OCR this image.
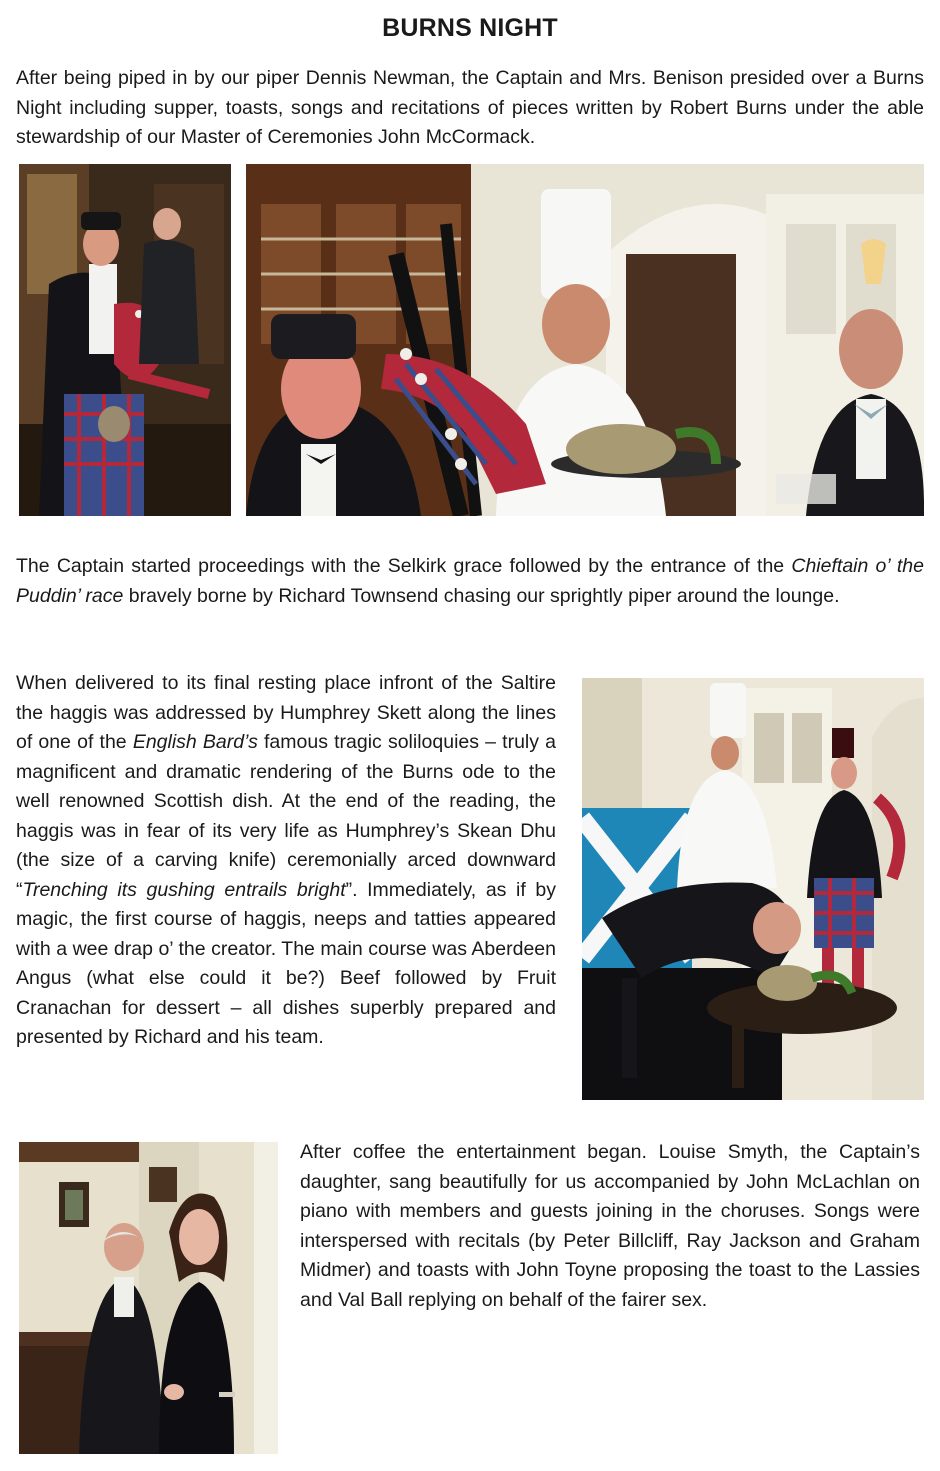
BURNS NIGHT

After being piped in by our piper Dennis Newman, the Captain and Mrs. Benison presided over a Burns Night including supper, toasts, songs and recitations of pieces written by Robert Burns under the able stewardship of our Master of Ceremonies John McCormack.

The Captain started proceedings with the Selkirk grace followed by the entrance of the Chieftain o’ the Puddin’ race bravely borne by Richard Townsend chasing our sprightly piper around the lounge.

When delivered to its final resting place infront of the Saltire the haggis was addressed by Humphrey Skett along the lines of one of the English Bard’s famous tragic soliloquies – truly a magnificent and dramatic rendering of the Burns ode to the well renowned Scottish dish. At the end of the reading, the haggis was in fear of its very life as Humphrey’s Skean Dhu (the size of a carving knife) ceremonially arced downward “Trenching its gushing entrails bright”. Immediately, as if by magic, the first course of haggis, neeps and tatties appeared with a wee drap o’ the creator. The main course was Aberdeen Angus (what else could it be?) Beef followed by Fruit Cranachan for dessert – all dishes superbly prepared and presented by Richard and his team.

After coffee the entertainment began. Louise Smyth, the Captain’s daughter, sang beautifully for us accompanied by John McLachlan on piano with members and guests joining in the choruses. Songs were interspersed with recitals (by Peter Billcliff, Ray Jackson and Graham Midmer) and toasts with John Toyne proposing the toast to the Lassies and Val Ball replying on behalf of the fairer sex.
